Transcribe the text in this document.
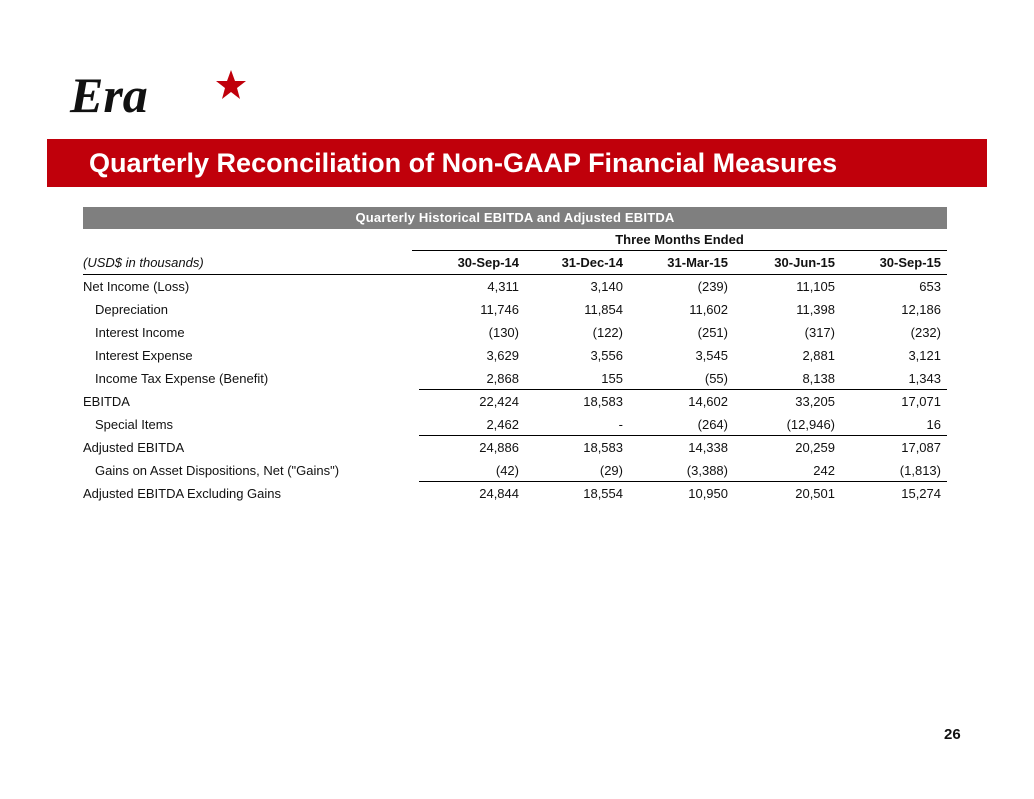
Era
Quarterly Reconciliation of Non-GAAP Financial Measures
Quarterly Historical EBITDA and Adjusted EBITDA
Three Months Ended
(USD$ in thousands)	30-Sep-14	31-Dec-14	31-Mar-15	30-Jun-15	30-Sep-15
Net Income (Loss)	4,311	3,140	(239)	11,105	653
Depreciation	11,746	11,854	11,602	11,398	12,186
Interest Income	(130)	(122)	(251)	(317)	(232)
Interest Expense	3,629	3,556	3,545	2,881	3,121
Income Tax Expense (Benefit)	2,868	155	(55)	8,138	1,343
EBITDA	22,424	18,583	14,602	33,205	17,071
Special Items	2,462	-	(264)	(12,946)	16
Adjusted EBITDA	24,886	18,583	14,338	20,259	17,087
Gains on Asset Dispositions, Net ("Gains")	(42)	(29)	(3,388)	242	(1,813)
Adjusted EBITDA Excluding Gains	24,844	18,554	10,950	20,501	15,274
26
